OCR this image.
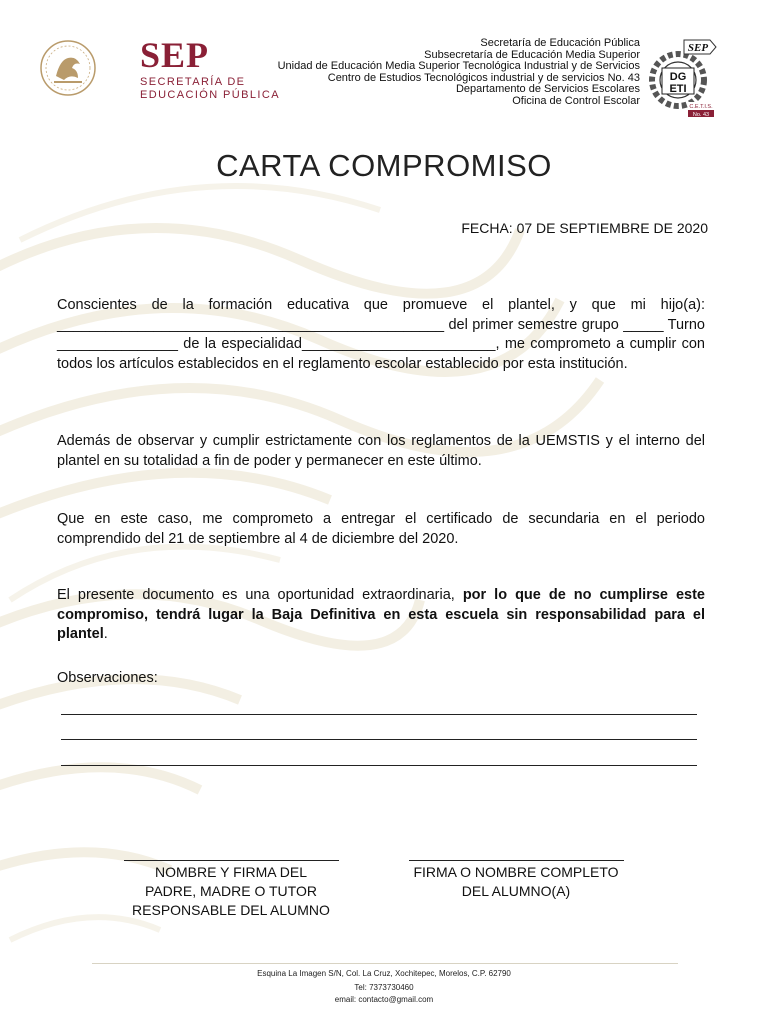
SEP
SECRETARÍA DE
EDUCACIÓN PÚBLICA
Secretaría de Educación Pública
Subsecretaría de Educación Media Superior
Unidad de Educación Media Superior Tecnológica Industrial y de Servicios
Centro de Estudios Tecnológicos industrial y de servicios No. 43
Departamento de Servicios Escolares
Oficina de Control Escolar
DG
ETI
SEP
C.E.T.I.S.
No. 43
CARTA COMPROMISO
FECHA: 07 DE SEPTIEMBRE DE 2020
Conscientes de la formación educativa que promueve el plantel, y que mi hijo(a): ________________________________________________ del primer semestre grupo _____ Turno _______________ de la especialidad________________________, me comprometo a cumplir con todos los artículos establecidos en el reglamento escolar establecido por esta institución.
Además de observar y cumplir estrictamente con los reglamentos de la UEMSTIS y el interno del plantel en su totalidad a fin de poder y permanecer en este último.
Que en este caso, me comprometo a entregar el certificado de secundaria en el periodo comprendido del 21 de septiembre al 4 de diciembre del 2020.
El presente documento es una oportunidad extraordinaria, por lo que de no cumplirse este compromiso, tendrá lugar la Baja Definitiva en esta escuela sin responsabilidad para el plantel.
Observaciones:
NOMBRE Y FIRMA DEL
PADRE, MADRE O TUTOR
RESPONSABLE DEL ALUMNO
FIRMA O NOMBRE COMPLETO
DEL ALUMNO(A)
Esquina La Imagen S/N, Col. La Cruz, Xochitepec, Morelos, C.P. 62790
Tel: 7373730460
email: contacto@gmail.com
